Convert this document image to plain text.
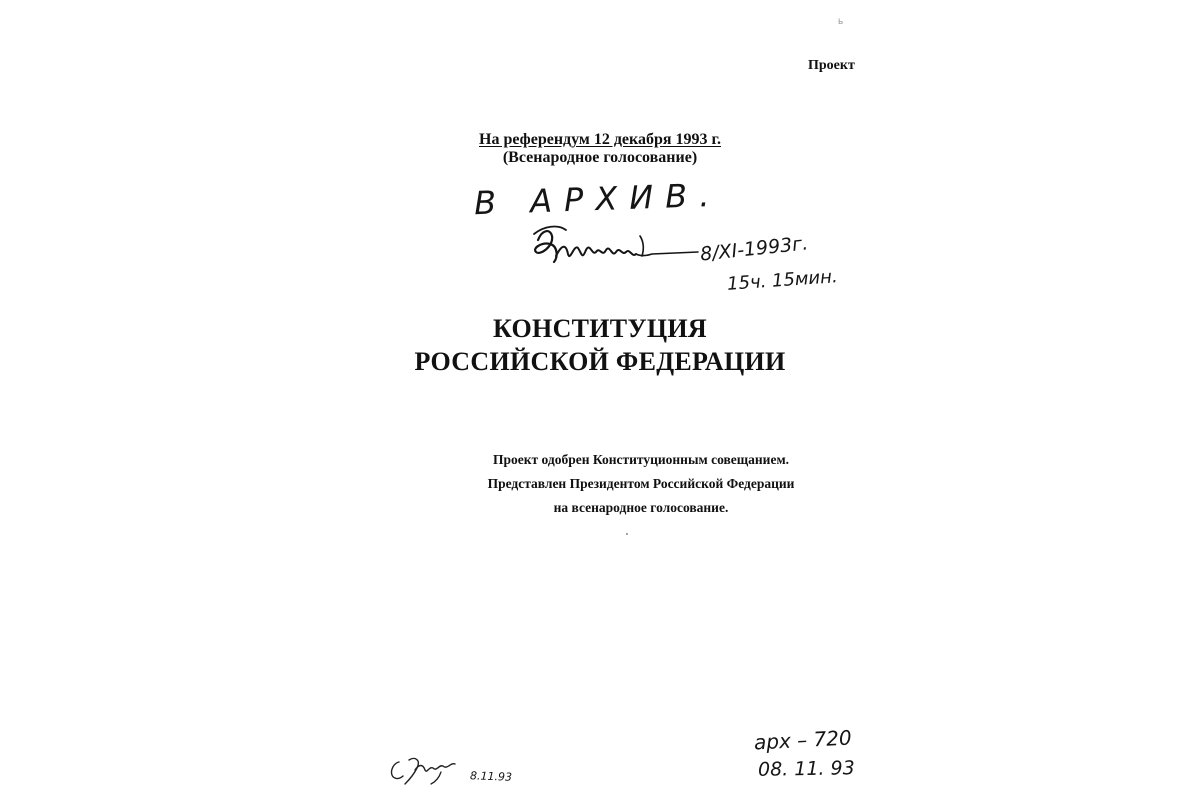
ь
Проект
На референдум 12 декабря 1993 г.
(Всенародное голосование)
В АРХИВ.
8/XI-1993г.
15ч. 15мин.
КОНСТИТУЦИЯ
РОССИЙСКОЙ ФЕДЕРАЦИИ
Проект одобрен Конституционным совещанием.
Представлен Президентом Российской Федерации
на всенародное голосование.
8.11.93
арх – 720
08. 11. 93
